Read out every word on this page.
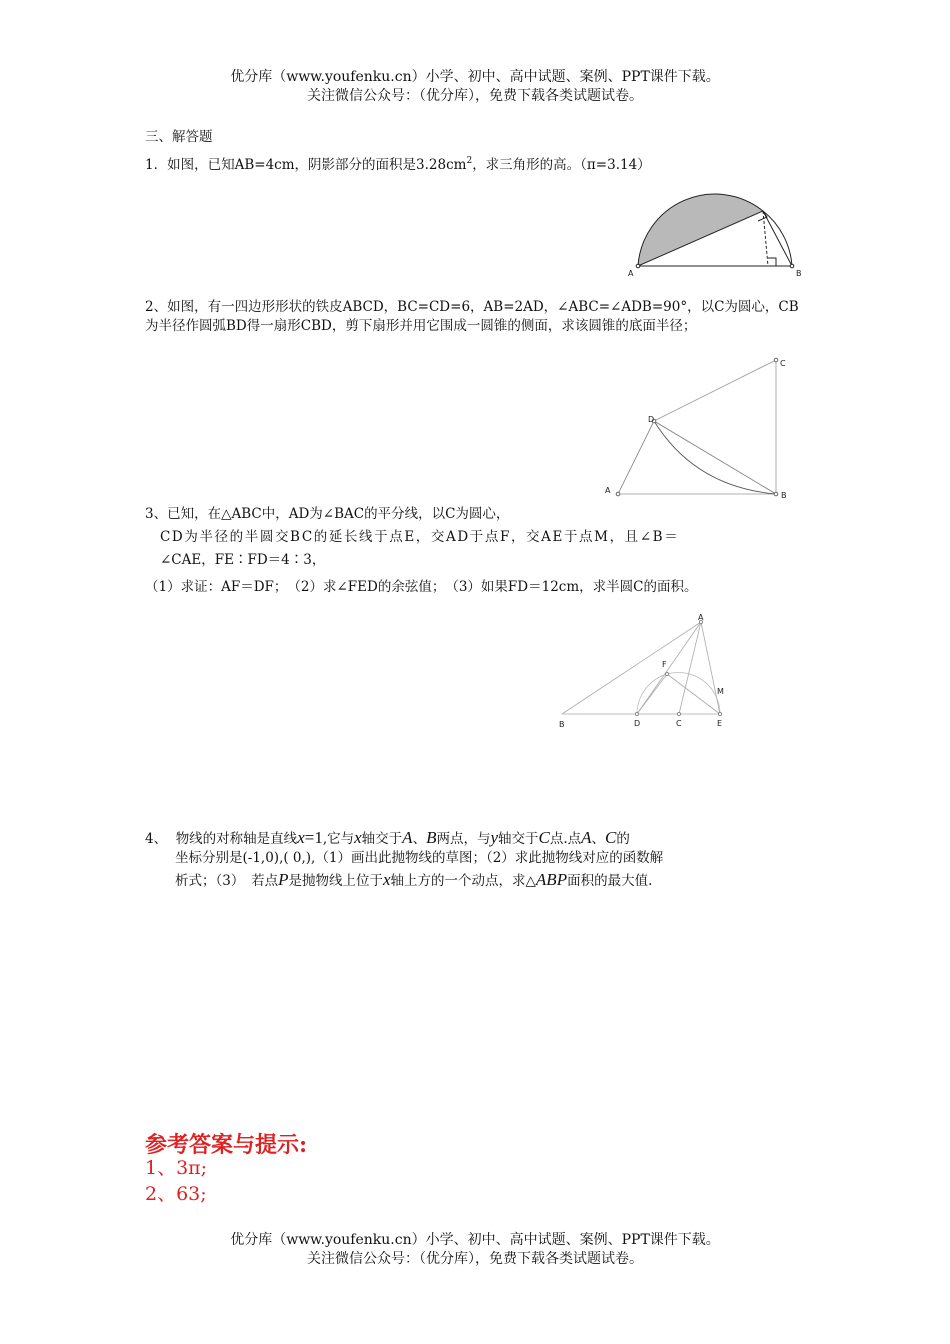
优分库（www.youfenku.cn）小学、初中、高中试题、案例、PPT课件下载。
关注微信公众号：（优分库），免费下载各类试题试卷。
三、解答题
1．如图，已知AB=4cm，阴影部分的面积是$3.28cm^2$，求三角形的高。（π=3.14）
A	B
2、如图，有一四边形形状的铁皮ABCD，BC=CD=6，AB=2AD，∠ABC=∠ADB=90°，以C为圆心，CB为半径作圆弧BD得一扇形CBD，剪下扇形并用它围成一圆锥的侧面，求该圆锥的底面半径；
A
B
C
D
3、已知，在△ABC中，AD为∠BAC的平分线，以C为圆心，
CD为半径的半圆交BC的延长线于点E，交AD于点F，交AE于点M，且∠B＝
∠CAE，FE∶FD＝4∶3，
（1）求证：AF＝DF；　（2）求∠FED的余弦值；　（3）如果FD＝12cm，求半圆C的面积。
A
B	C
D	E
F
M
4、 物线的对称轴是直线x=1,它与x轴交于A、B两点，与y轴交于C点.点A、C的
坐标分别是(-1,0),( 0,),（1）画出此抛物线的草图；（2）求此抛物线对应的函数解
析式；（3）　若点P是抛物线上位于x轴上方的一个动点，求△ABP面积的最大值.
参考答案与提示:
1、3π;
2、63;
优分库（www.youfenku.cn）小学、初中、高中试题、案例、PPT课件下载。
关注微信公众号：（优分库），免费下载各类试题试卷。
